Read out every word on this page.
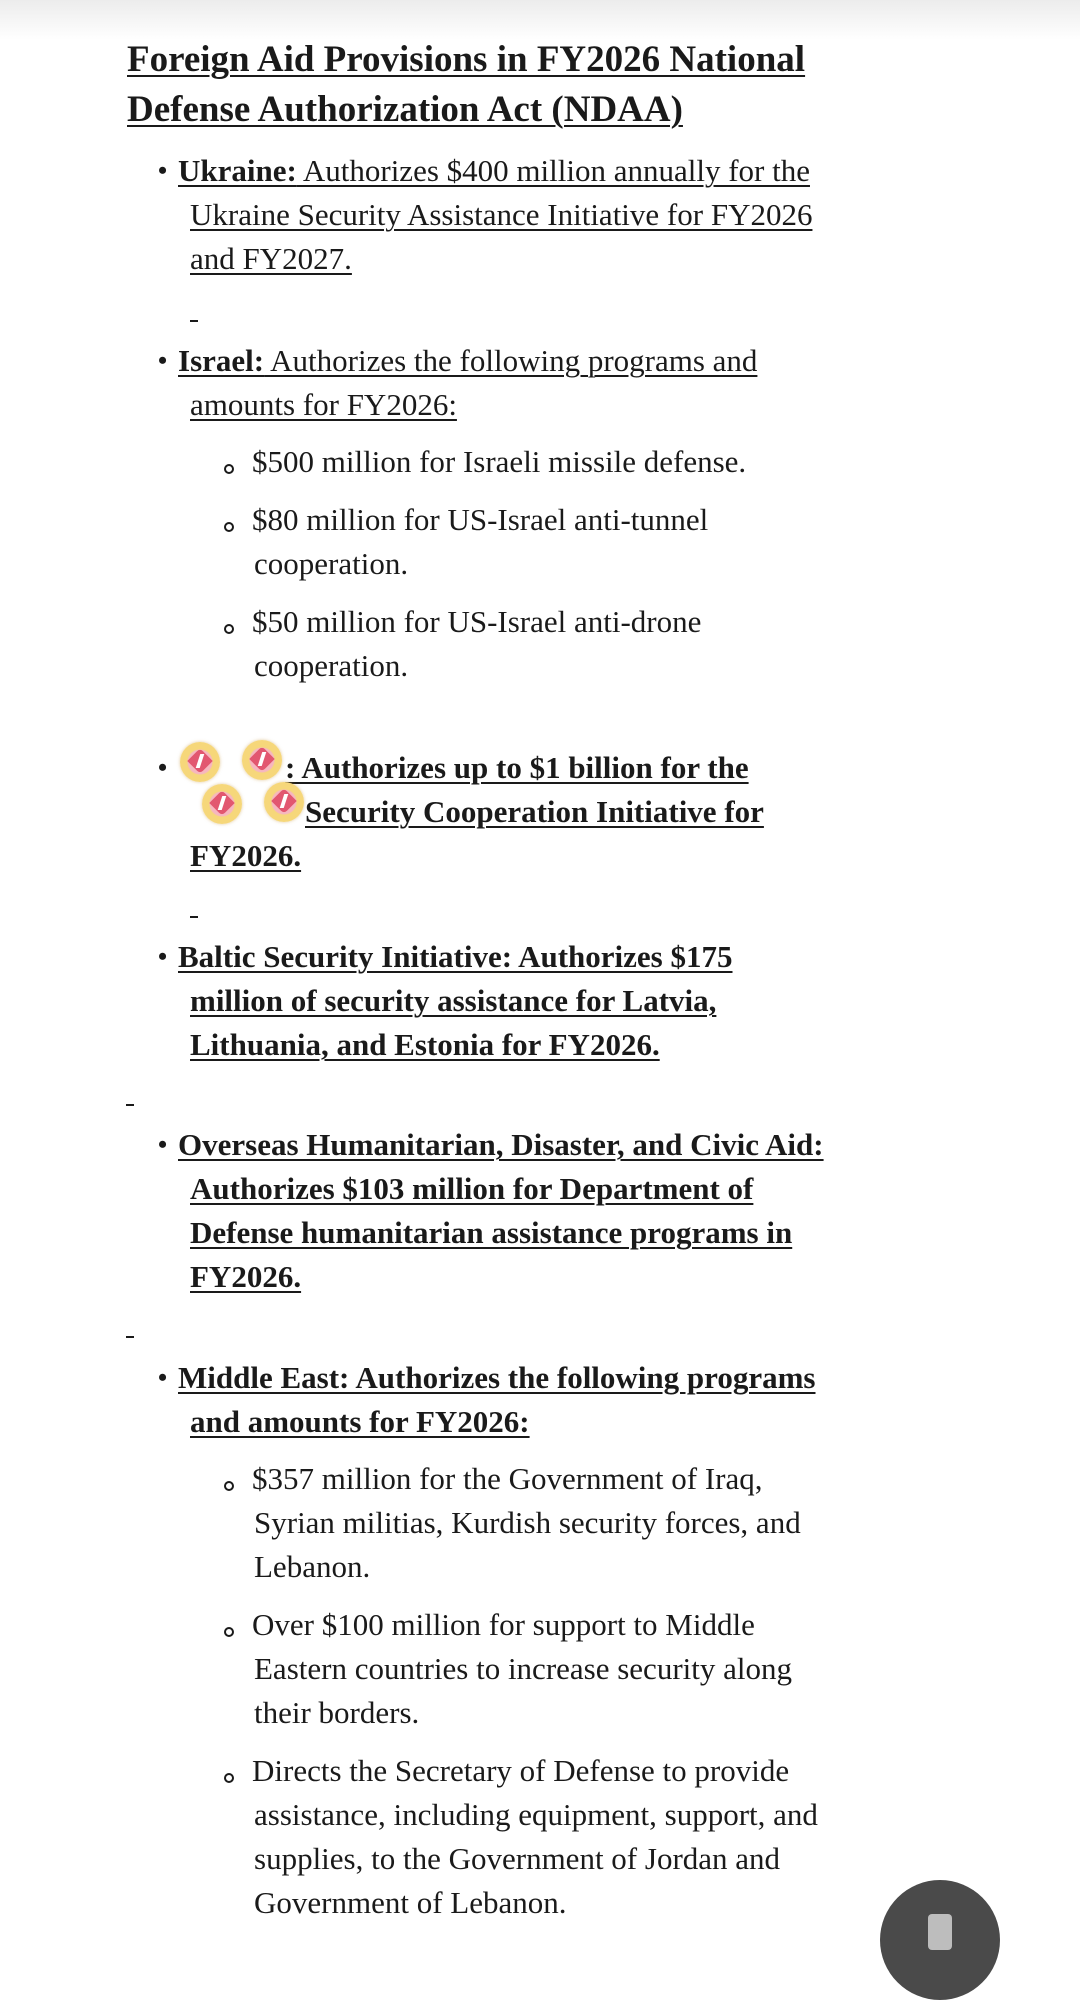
Foreign Aid Provisions in FY2026 National
Defense Authorization Act (NDAA)
• Ukraine: Authorizes $400 million annually for the
Ukraine Security Assistance Initiative for FY2026
and FY2027.
• Israel: Authorizes the following programs and
amounts for FY2026:
$500 million for Israeli missile defense.
$80 million for US-Israel anti-tunnel
cooperation.
$50 million for US-Israel anti-drone
cooperation.
•	: Authorizes up to $1 billion for the
Security Cooperation Initiative for
FY2026.
• Baltic Security Initiative: Authorizes $175
million of security assistance for Latvia,
Lithuania, and Estonia for FY2026.
• Overseas Humanitarian, Disaster, and Civic Aid:
Authorizes $103 million for Department of
Defense humanitarian assistance programs in
FY2026.
• Middle East: Authorizes the following programs
and amounts for FY2026:
$357 million for the Government of Iraq,
Syrian militias, Kurdish security forces, and
Lebanon.
Over $100 million for support to Middle
Eastern countries to increase security along
their borders.
Directs the Secretary of Defense to provide
assistance, including equipment, support, and
supplies, to the Government of Jordan and
Government of Lebanon.
